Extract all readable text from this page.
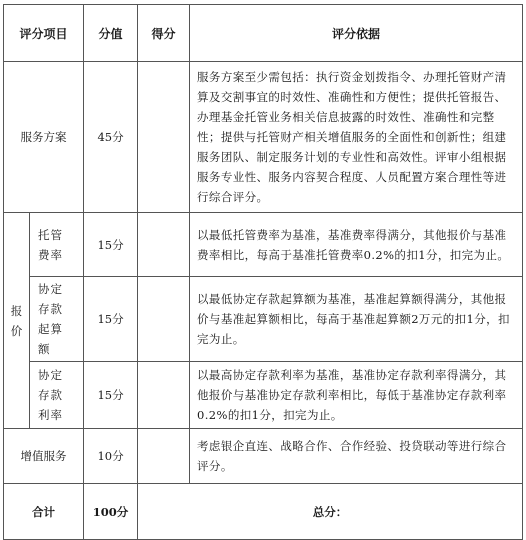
评分项目		分值	得分	评分依据
服务方案		45分		服务方案至少需包括：执行资金划拨指令、办理托管财产清算及交割事宜的时效性、准确性和方便性；提供托管报告、办理基金托管业务相关信息披露的时效性、准确性和完整性；提供与托管财产相关增值服务的全面性和创新性；组建服务团队、制定服务计划的专业性和高效性。评审小组根据服务专业性、服务内容契合程度、人员配置方案合理性等进行综合评分。

报价	托管费率	15分		以最低托管费率为基准，基准费率得满分，其他报价与基准费率相比，每高于基准托管费率0.2%的扣1分，扣完为止。
	协定存款起算额	15分		以最低协定存款起算额为基准，基准起算额得满分，其他报价与基准起算额相比，每高于基准起算额2万元的扣1分，扣完为止。
	协定存款利率	15分		以最高协定存款利率为基准，基准协定存款利率得满分，其他报价与基准协定存款利率相比，每低于基准协定存款利率0.2%的扣1分，扣完为止。
增值服务		10分		考虑银企直连、战略合作、合作经验、投贷联动等进行综合评分。
合计		100分	总分：	
